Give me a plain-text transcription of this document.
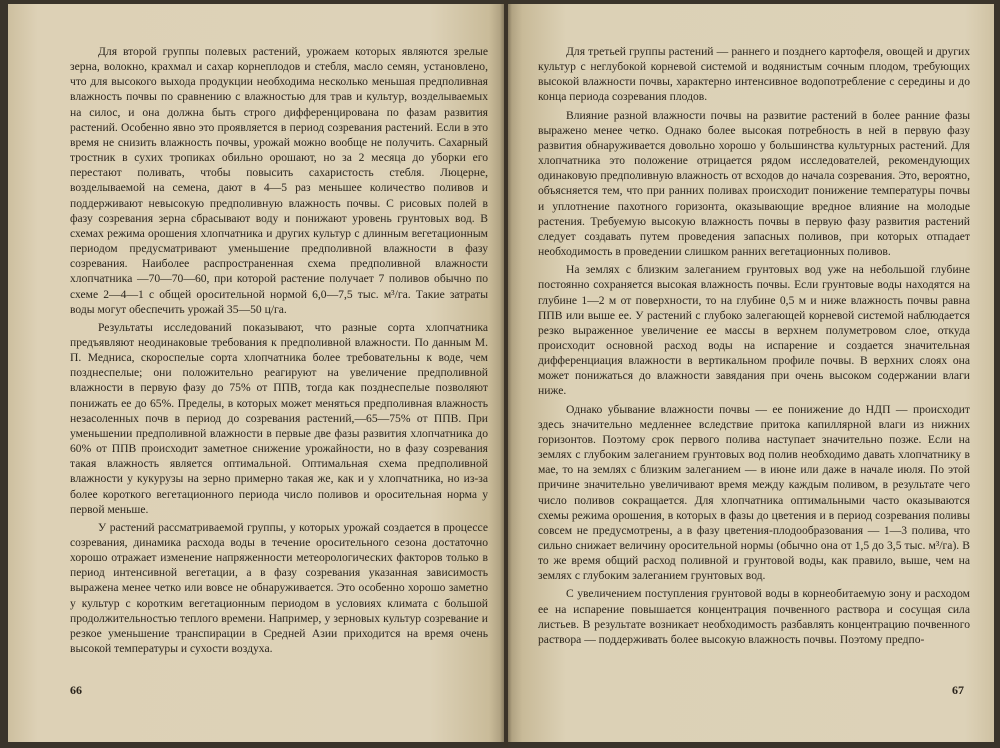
Для второй группы полевых растений, урожаем которых являются зрелые зерна, волокно, крахмал и сахар корнеплодов и стебля, масло семян, установлено, что для высокого выхода продукции необходима несколько меньшая предполивная влажность почвы по сравнению с влажностью для трав и культур, возделываемых на силос, и она должна быть строго дифференцирована по фазам развития растений. Особенно явно это проявляется в период созревания растений. Если в это время не снизить влажность почвы, урожай можно вообще не получить. Сахарный тростник в сухих тропиках обильно орошают, но за 2 месяца до уборки его перестают поливать, чтобы повысить сахаристость стебля. Люцерне, возделываемой на семена, дают в 4—5 раз меньшее количество поливов и поддерживают невысокую предполивную влажность почвы. С рисовых полей в фазу созревания зерна сбрасывают воду и понижают уровень грунтовых вод. В схемах режима орошения хлопчатника и других культур с длинным вегетационным периодом предусматривают уменьшение предполивной влажности в фазу созревания. Наиболее распространенная схема предполивной влажности хлопчатника —70—70—60, при которой растение получает 7 поливов обычно по схеме 2—4—1 с общей оросительной нормой 6,0—7,5 тыс. м³/га. Такие затраты воды могут обеспечить урожай 35—50 ц/га.

Результаты исследований показывают, что разные сорта хлопчатника предъявляют неодинаковые требования к предполивной влажности. По данным М. П. Медниса, скороспелые сорта хлопчатника более требовательны к воде, чем позднеспелые; они положительно реагируют на увеличение предполивной влажности в первую фазу до 75% от ППВ, тогда как позднеспелые позволяют понижать ее до 65%. Пределы, в которых может меняться предполивная влажность незасоленных почв в период до созревания растений,—65—75% от ППВ. При уменьшении предполивной влажности в первые две фазы развития хлопчатника до 60% от ППВ происходит заметное снижение урожайности, но в фазу созревания такая влажность является оптимальной. Оптимальная схема предполивной влажности у кукурузы на зерно примерно такая же, как и у хлопчатника, но из-за более короткого вегетационного периода число поливов и оросительная норма у первой меньше.

У растений рассматриваемой группы, у которых урожай создается в процессе созревания, динамика расхода воды в течение оросительного сезона достаточно хорошо отражает изменение напряженности метеорологических факторов только в период интенсивной вегетации, а в фазу созревания указанная зависимость выражена менее четко или вовсе не обнаруживается. Это особенно хорошо заметно у культур с коротким вегетационным периодом в условиях климата с большой продолжительностью теплого времени. Например, у зерновых культур созревание и резкое уменьшение транспирации в Средней Азии приходится на время очень высокой температуры и сухости воздуха.

66

Для третьей группы растений — раннего и позднего картофеля, овощей и других культур с неглубокой корневой системой и водянистым сочным плодом, требующих высокой влажности почвы, характерно интенсивное водопотребление с середины и до конца периода созревания плодов.

Влияние разной влажности почвы на развитие растений в более ранние фазы выражено менее четко. Однако более высокая потребность в ней в первую фазу развития обнаруживается довольно хорошо у большинства культурных растений. Для хлопчатника это положение отрицается рядом исследователей, рекомендующих одинаковую предполивную влажность от всходов до начала созревания. Это, вероятно, объясняется тем, что при ранних поливах происходит понижение температуры почвы и уплотнение пахотного горизонта, оказывающие вредное влияние на молодые растения. Требуемую высокую влажность почвы в первую фазу развития растений следует создавать путем проведения запасных поливов, при которых отпадает необходимость в проведении слишком ранних вегетационных поливов.

На землях с близким залеганием грунтовых вод уже на небольшой глубине постоянно сохраняется высокая влажность почвы. Если грунтовые воды находятся на глубине 1—2 м от поверхности, то на глубине 0,5 м и ниже влажность почвы равна ППВ или выше ее. У растений с глубоко залегающей корневой системой наблюдается резко выраженное увеличение ее массы в верхнем полуметровом слое, откуда происходит основной расход воды на испарение и создается значительная дифференциация влажности в вертикальном профиле почвы. В верхних слоях она может понижаться до влажности завядания при очень высоком содержании влаги ниже.

Однако убывание влажности почвы — ее понижение до НДП — происходит здесь значительно медленнее вследствие притока капиллярной влаги из нижних горизонтов. Поэтому срок первого полива наступает значительно позже. Если на землях с глубоким залеганием грунтовых вод полив необходимо давать хлопчатнику в мае, то на землях с близким залеганием — в июне или даже в начале июля. По этой причине значительно увеличивают время между каждым поливом, в результате чего число поливов сокращается. Для хлопчатника оптимальными часто оказываются схемы режима орошения, в которых в фазы до цветения и в период созревания поливы совсем не предусмотрены, а в фазу цветения-плодообразования — 1—3 полива, что сильно снижает величину оросительной нормы (обычно она от 1,5 до 3,5 тыс. м³/га). В то же время общий расход поливной и грунтовой воды, как правило, выше, чем на землях с глубоким залеганием грунтовых вод.

С увеличением поступления грунтовой воды в корнеобитаемую зону и расходом ее на испарение повышается концентрация почвенного раствора и сосущая сила листьев. В результате возникает необходимость разбавлять концентрацию почвенного раствора — поддерживать более высокую влажность почвы. Поэтому предпо-

67
